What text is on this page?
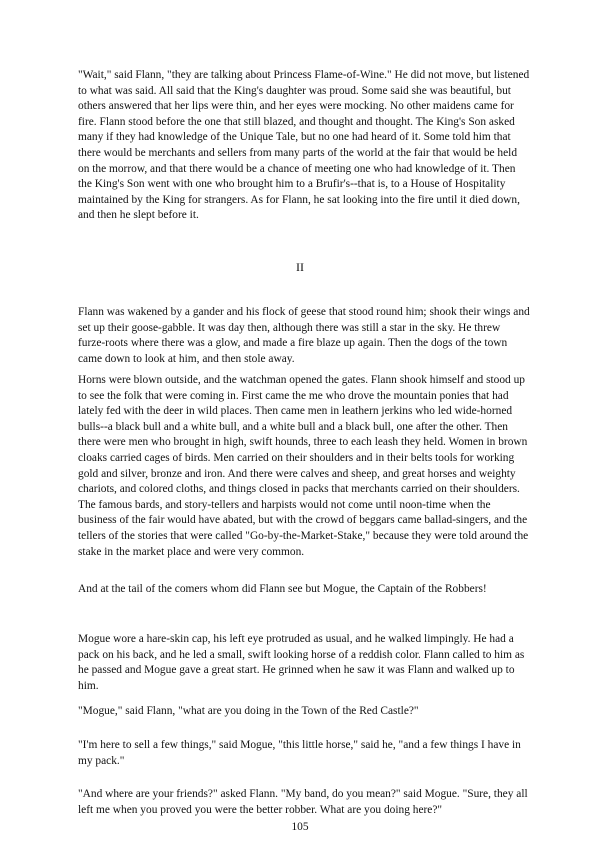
"Wait," said Flann, "they are talking about Princess Flame-of-Wine." He did not move, but listened to what was said. All said that the King's daughter was proud. Some said she was beautiful, but others answered that her lips were thin, and her eyes were mocking. No other maidens came for fire. Flann stood before the one that still blazed, and thought and thought. The King's Son asked many if they had knowledge of the Unique Tale, but no one had heard of it. Some told him that there would be merchants and sellers from many parts of the world at the fair that would be held on the morrow, and that there would be a chance of meeting one who had knowledge of it. Then the King's Son went with one who brought him to a Brufir's--that is, to a House of Hospitality maintained by the King for strangers. As for Flann, he sat looking into the fire until it died down, and then he slept before it.

II

Flann was wakened by a gander and his flock of geese that stood round him; shook their wings and set up their goose-gabble. It was day then, although there was still a star in the sky. He threw furze-roots where there was a glow, and made a fire blaze up again. Then the dogs of the town came down to look at him, and then stole away.

Horns were blown outside, and the watchman opened the gates. Flann shook himself and stood up to see the folk that were coming in. First came the me who drove the mountain ponies that had lately fed with the deer in wild places. Then came men in leathern jerkins who led wide-horned bulls--a black bull and a white bull, and a white bull and a black bull, one after the other. Then there were men who brought in high, swift hounds, three to each leash they held. Women in brown cloaks carried cages of birds. Men carried on their shoulders and in their belts tools for working gold and silver, bronze and iron. And there were calves and sheep, and great horses and weighty chariots, and colored cloths, and things closed in packs that merchants carried on their shoulders. The famous bards, and story-tellers and harpists would not come until noon-time when the business of the fair would have abated, but with the crowd of beggars came ballad-singers, and the tellers of the stories that were called "Go-by-the-Market-Stake," because they were told around the stake in the market place and were very common.

And at the tail of the comers whom did Flann see but Mogue, the Captain of the Robbers!

Mogue wore a hare-skin cap, his left eye protruded as usual, and he walked limpingly. He had a pack on his back, and he led a small, swift looking horse of a reddish color. Flann called to him as he passed and Mogue gave a great start. He grinned when he saw it was Flann and walked up to him.

"Mogue," said Flann, "what are you doing in the Town of the Red Castle?"

"I'm here to sell a few things," said Mogue, "this little horse," said he, "and a few things I have in my pack."

"And where are your friends?" asked Flann. "My band, do you mean?" said Mogue. "Sure, they all left me when you proved you were the better robber. What are you doing here?"

105
